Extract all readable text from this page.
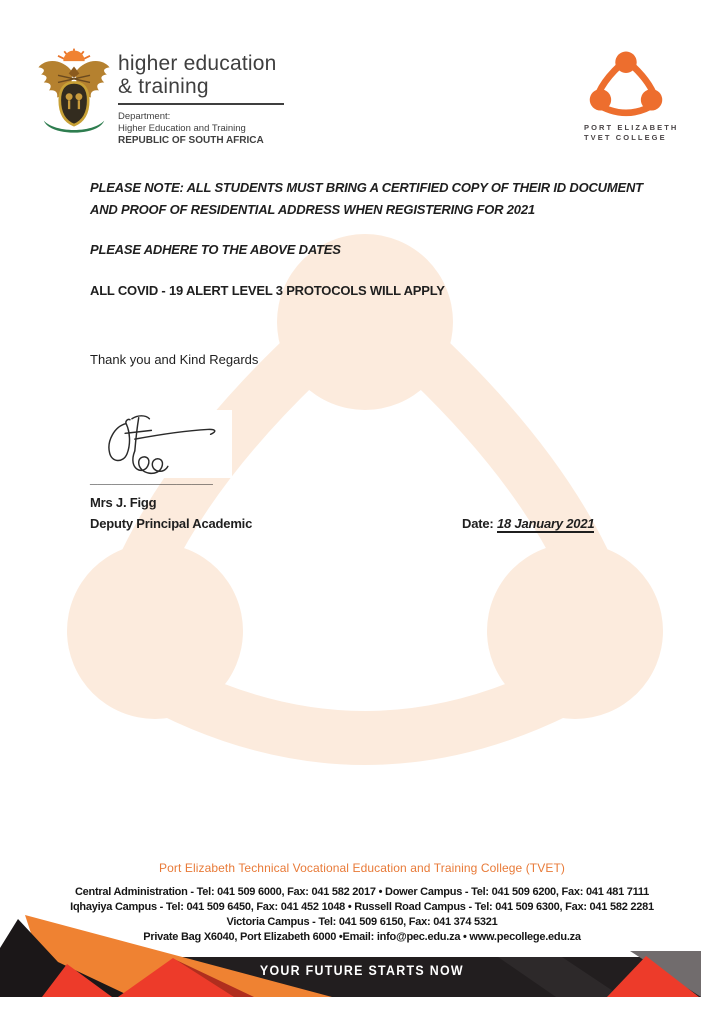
higher education
& training
Department:
Higher Education and Training
REPUBLIC OF SOUTH AFRICA
PORT ELIZABETH
TVET COLLEGE
PLEASE NOTE: ALL STUDENTS MUST BRING A CERTIFIED COPY OF THEIR ID DOCUMENT AND PROOF OF RESIDENTIAL ADDRESS WHEN REGISTERING FOR 2021
PLEASE ADHERE TO THE ABOVE DATES
ALL COVID - 19 ALERT LEVEL 3 PROTOCOLS WILL APPLY
Thank you and Kind Regards
_________________
Mrs J. Figg
Deputy Principal Academic	Date: 18 January 2021
Port Elizabeth Technical Vocational Education and Training College (TVET)
Central Administration - Tel: 041 509 6000, Fax: 041 582 2017 • Dower Campus - Tel: 041 509 6200, Fax: 041 481 7111
Iqhayiya Campus - Tel: 041 509 6450, Fax: 041 452 1048 • Russell Road Campus - Tel: 041 509 6300, Fax: 041 582 2281
Victoria Campus - Tel: 041 509 6150, Fax: 041 374 5321
Private Bag X6040, Port Elizabeth 6000 •Email: info@pec.edu.za • www.pecollege.edu.za
YOUR FUTURE STARTS NOW
